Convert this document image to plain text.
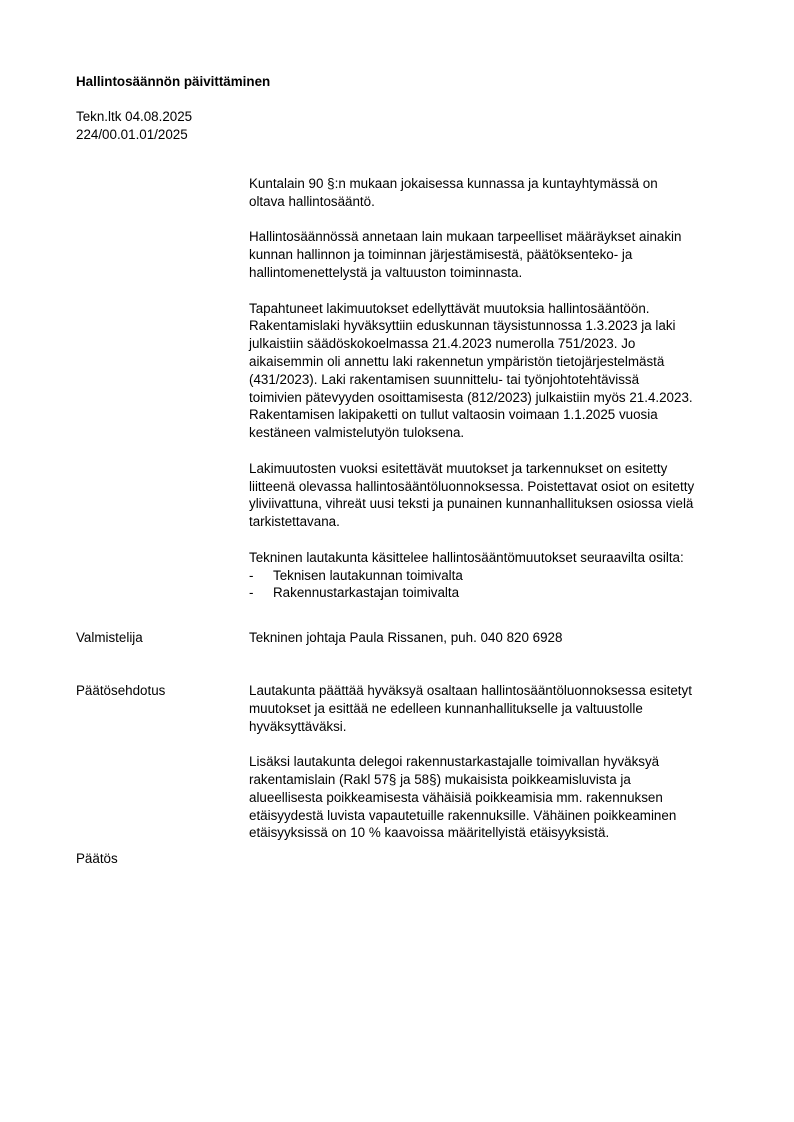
Hallintosäännön päivittäminen
Tekn.ltk 04.08.2025
224/00.01.01/2025

Kuntalain 90 §:n mukaan jokaisessa kunnassa ja kuntayhtymässä on

oltava hallintosääntö.

Hallintosäännössä annetaan lain mukaan tarpeelliset määräykset ainakin

kunnan hallinnon ja toiminnan järjestämisestä, päätöksenteko- ja

hallintomenettelystä ja valtuuston toiminnasta.

Tapahtuneet lakimuutokset edellyttävät muutoksia hallintosääntöön.

Rakentamislaki hyväksyttiin eduskunnan täysistunnossa 1.3.2023 ja laki

julkaistiin säädöskokoelmassa 21.4.2023 numerolla 751/2023. Jo

aikaisemmin oli annettu laki rakennetun ympäristön tietojärjestelmästä

(431/2023). Laki rakentamisen suunnittelu- tai työnjohtotehtävissä

toimivien pätevyyden osoittamisesta (812/2023) julkaistiin myös 21.4.2023.

Rakentamisen lakipaketti on tullut valtaosin voimaan 1.1.2025 vuosia

kestäneen valmistelutyön tuloksena.

Lakimuutosten vuoksi esitettävät muutokset ja tarkennukset on esitetty

liitteenä olevassa hallintosääntöluonnoksessa. Poistettavat osiot on esitetty

yliviivattuna, vihreät uusi teksti ja punainen kunnanhallituksen osiossa vielä

tarkistettavana.

Tekninen lautakunta käsittelee hallintosääntömuutokset seuraavilta osilta:

- Teknisen lautakunnan toimivalta
- Rakennustarkastajan toimivalta
Valmistelija	Tekninen johtaja Paula Rissanen, puh. 040 820 6928

Päätösehdotus	Lautakunta päättää hyväksyä osaltaan hallintosääntöluonnoksessa esitetyt

muutokset ja esittää ne edelleen kunnanhallitukselle ja valtuustolle

hyväksyttäväksi.

Lisäksi lautakunta delegoi rakennustarkastajalle toimivallan hyväksyä

rakentamislain (Rakl 57§ ja 58§) mukaisista poikkeamisluvista ja

alueellisesta poikkeamisesta vähäisiä poikkeamisia mm. rakennuksen

etäisyydestä luvista vapautetuille rakennuksille. Vähäinen poikkeaminen

etäisyyksissä on 10 % kaavoissa määritellyistä etäisyyksistä.

Päätös
